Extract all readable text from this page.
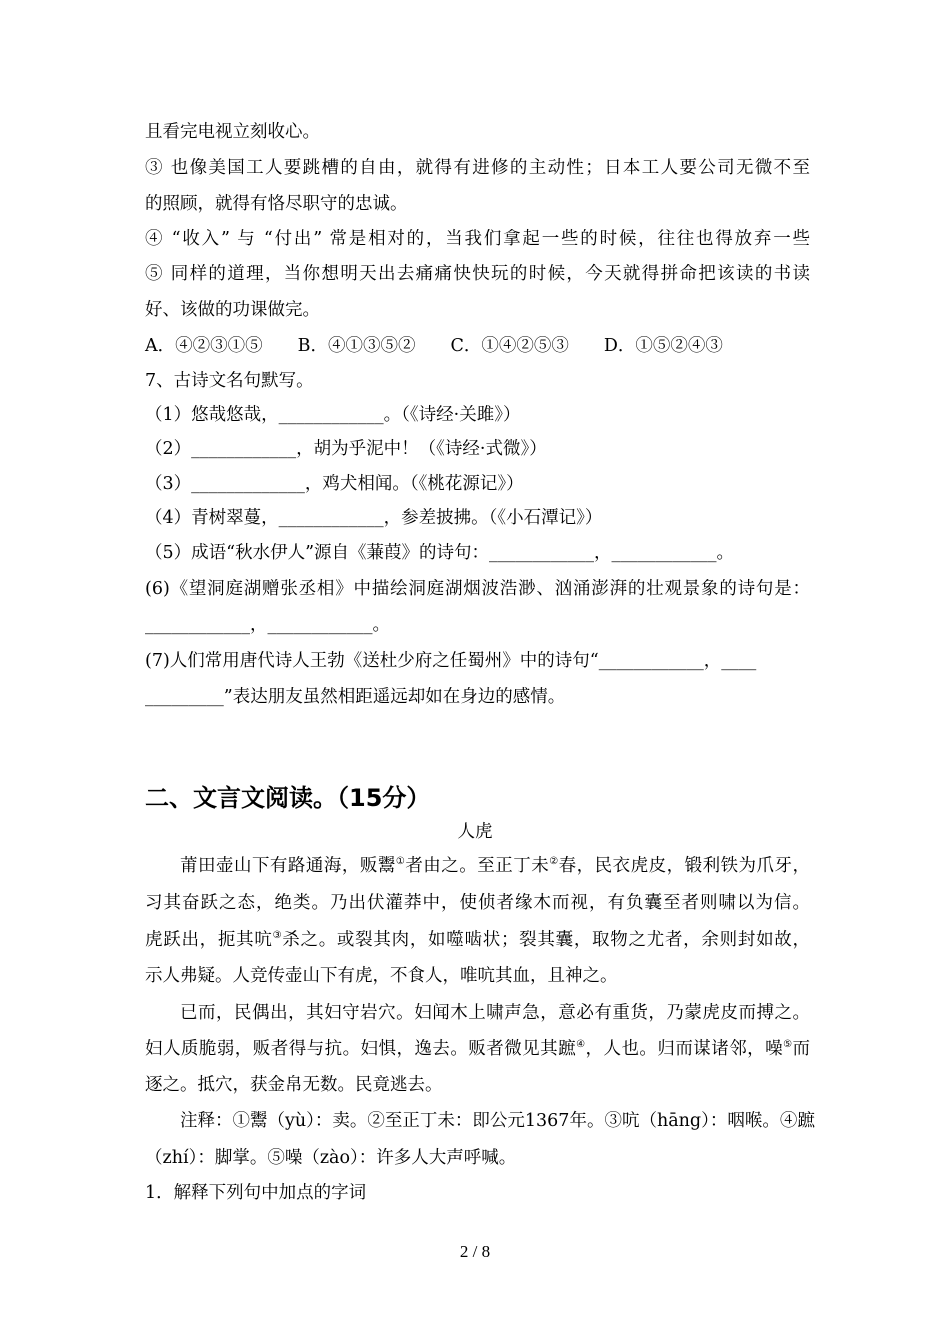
二、文言文阅读。（15分）
人虎
2 / 8
且看完电视立刻收心。
③ 也像美国工人要跳槽的自由，就得有进修的主动性；日本工人要公司无微不至
的照顾，就得有恪尽职守的忠诚。
④ “收入” 与 “付出” 常是相对的，当我们拿起一些的时候，往往也得放弃一些
⑤ 同样的道理，当你想明天出去痛痛快快玩的时候，今天就得拼命把该读的书读
好、该做的功课做完。
A．④②③①⑤　　B．④①③⑤②　　C．①④②⑤③　　D．①⑤②④③
7、古诗文名句默写。
（1）悠哉悠哉，____________。（《诗经·关雎》）
（2）____________，胡为乎泥中！（《诗经·式微》）
（3）_____________，鸡犬相闻。（《桃花源记》）
（4）青树翠蔓，____________，参差披拂。（《小石潭记》）
（5）成语“秋水伊人”源自《蒹葭》的诗句：____________，____________。
(6)《望洞庭湖赠张丞相》中描绘洞庭湖烟波浩渺、汹涌澎湃的壮观景象的诗句是：
____________，____________。
(7)人们常用唐代诗人王勃《送杜少府之任蜀州》中的诗句“____________，____
_________”表达朋友虽然相距遥远却如在身边的感情。
莆田壶山下有路通海，贩鬻①者由之。至正丁未②春，民衣虎皮，锻利铁为爪牙，
习其奋跃之态，绝类。乃出伏灌莽中，使侦者缘木而视，有负囊至者则啸以为信。
虎跃出，扼其吭③杀之。或裂其肉，如噬啮状；裂其囊，取物之尤者，余则封如故，
示人弗疑。人竞传壶山下有虎，不食人，唯吭其血，且神之。
已而，民偶出，其妇守岩穴。妇闻木上啸声急，意必有重货，乃蒙虎皮而搏之。
妇人质脆弱，贩者得与抗。妇惧，逸去。贩者微见其蹠④，人也。归而谋诸邻，噪⑤而
逐之。抵穴，获金帛无数。民竟逃去。
注释：①鬻（yù）：卖。②至正丁未：即公元1367年。③吭（hāng）：咽喉。④蹠
（zhí）：脚掌。⑤噪（zào）：许多人大声呼喊。
1．解释下列句中加点的字词
